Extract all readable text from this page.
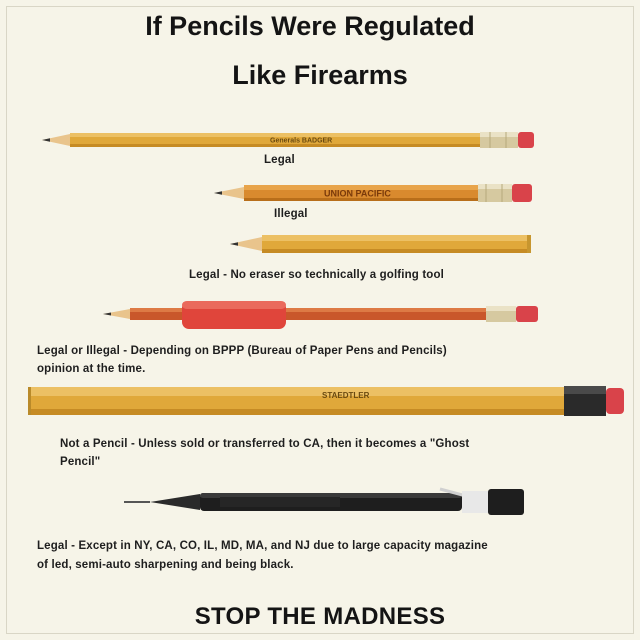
If Pencils Were Regulated
Like Firearms
Generals BADGER
Legal
UNION PACIFIC
Illegal
Legal - No eraser so technically a golfing tool
Legal or Illegal - Depending on BPPP (Bureau of Paper Pens and Pencils)
opinion at the time.
STAEDTLER
Not a Pencil - Unless sold or transferred to CA, then it becomes a "Ghost
Pencil"
Legal - Except in NY, CA, CO, IL, MD, MA, and NJ due to large capacity magazine
of led, semi-auto sharpening and being black.
STOP THE MADNESS
